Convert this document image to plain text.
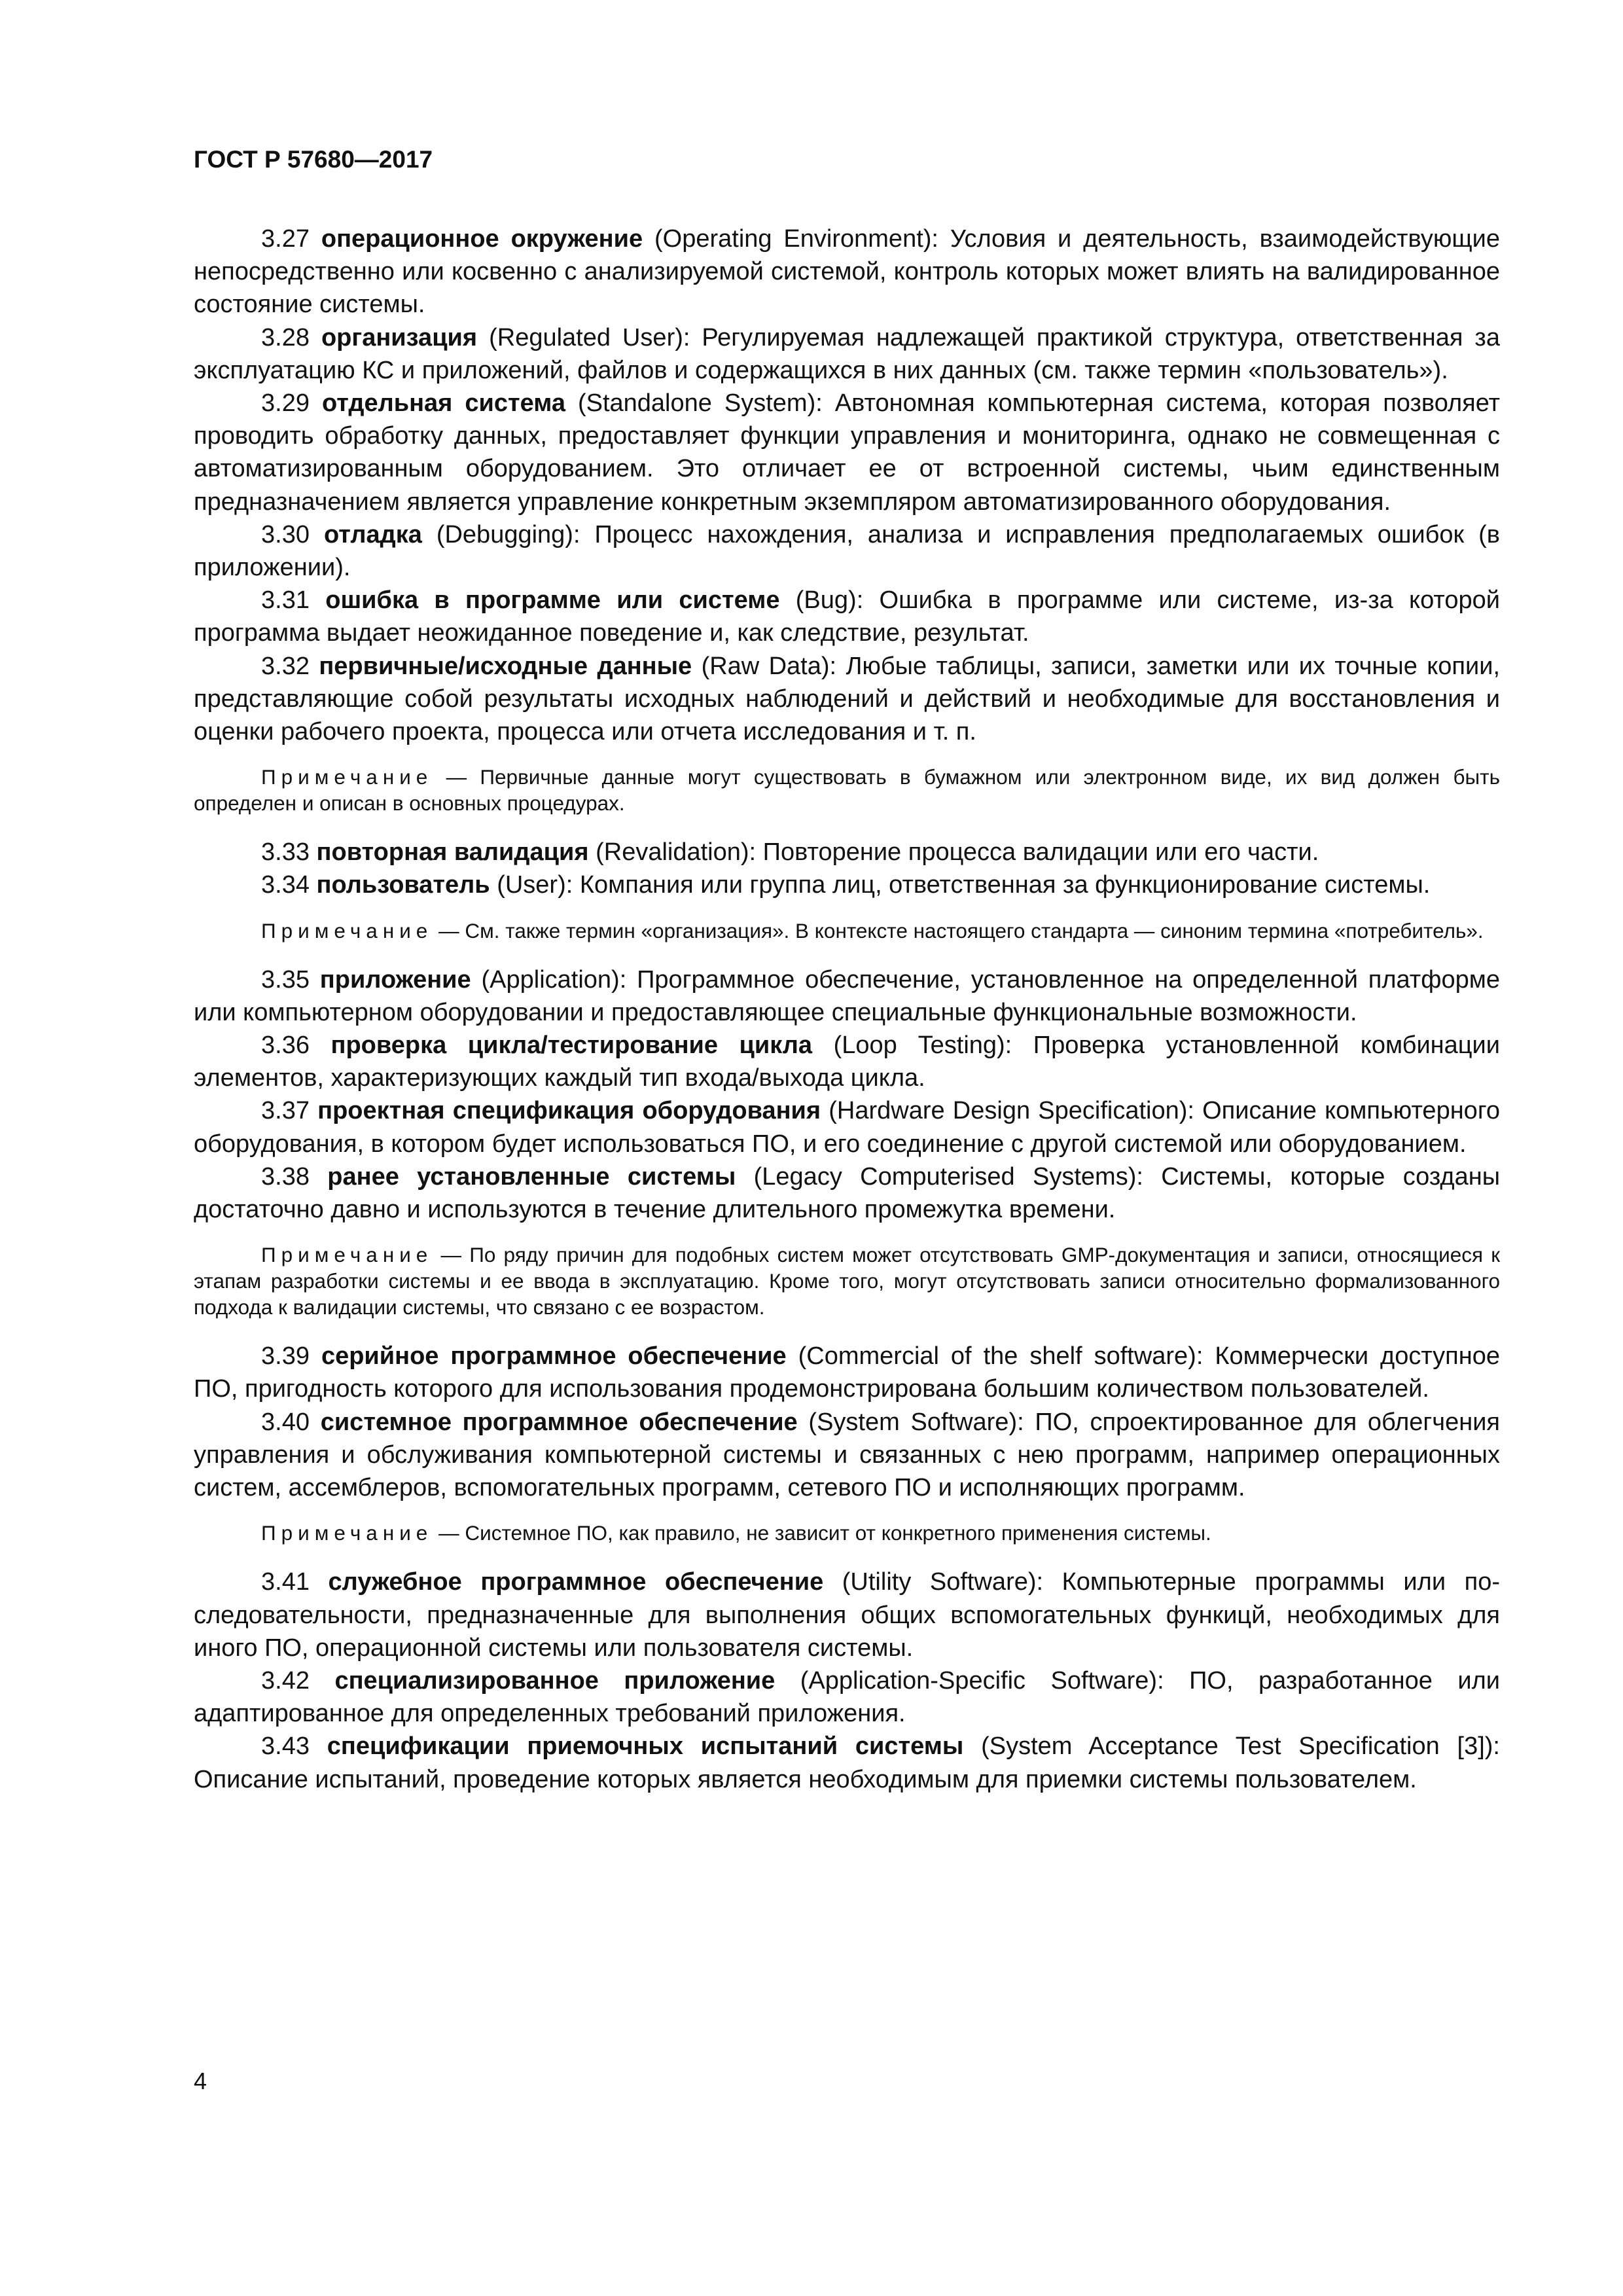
ГОСТ Р 57680—2017

3.27 операционное окружение (Operating Environment): Условия и деятельность, взаимодействующие непосредственно или косвенно с анализируемой системой, контроль которых может влиять на валидированное состояние системы.

3.28 организация (Regulated User): Регулируемая надлежащей практикой структура, ответственная за эксплуатацию КС и приложений, файлов и содержащихся в них данных (см. также термин «пользователь»).

3.29 отдельная система (Standalone System): Автономная компьютерная система, которая позволяет проводить обработку данных, предоставляет функции управления и мониторинга, однако не совмещенная с автоматизированным оборудованием. Это отличает ее от встроенной системы, чьим единственным предназначением является управление конкретным экземпляром автоматизированного оборудования.

3.30 отладка (Debugging): Процесс нахождения, анализа и исправления предполагаемых ошибок (в приложении).

3.31 ошибка в программе или системе (Bug): Ошибка в программе или системе, из-за которой программа выдает неожиданное поведение и, как следствие, результат.

3.32 первичные/исходные данные (Raw Data): Любые таблицы, записи, заметки или их точные копии, представляющие собой результаты исходных наблюдений и действий и необходимые для восстановления и оценки рабочего проекта, процесса или отчета исследования и т. п.

Примечание — Первичные данные могут существовать в бумажном или электронном виде, их вид должен быть определен и описан в основных процедурах.

3.33 повторная валидация (Revalidation): Повторение процесса валидации или его части.

3.34 пользователь (User): Компания или группа лиц, ответственная за функционирование системы.

Примечание — См. также термин «организация». В контексте настоящего стандарта — синоним термина «потребитель».

3.35 приложение (Application): Программное обеспечение, установленное на определенной платформе или компьютерном оборудовании и предоставляющее специальные функциональные возможности.

3.36 проверка цикла/тестирование цикла (Loop Testing): Проверка установленной комбинации элементов, характеризующих каждый тип входа/выхода цикла.

3.37 проектная спецификация оборудования (Hardware Design Specification): Описание компьютерного оборудования, в котором будет использоваться ПО, и его соединение с другой системой или оборудованием.

3.38 ранее установленные системы (Legacy Computerised Systems): Системы, которые созданы достаточно давно и используются в течение длительного промежутка времени.

Примечание — По ряду причин для подобных систем может отсутствовать GMP-документация и записи, относящиеся к этапам разработки системы и ее ввода в эксплуатацию. Кроме того, могут отсутствовать записи относительно формализованного подхода к валидации системы, что связано с ее возрастом.

3.39 серийное программное обеспечение (Commercial of the shelf software): Коммерчески доступное ПО, пригодность которого для использования продемонстрирована большим количеством пользователей.

3.40 системное программное обеспечение (System Software): ПО, спроектированное для облегчения управления и обслуживания компьютерной системы и связанных с нею программ, например операционных систем, ассемблеров, вспомогательных программ, сетевого ПО и исполняющих программ.

Примечание — Системное ПО, как правило, не зависит от конкретного применения системы.

3.41 служебное программное обеспечение (Utility Software): Компьютерные программы или последовательности, предназначенные для выполнения общих вспомогательных функицй, необходимых для иного ПО, операционной системы или пользователя системы.

3.42 специализированное приложение (Application-Specific Software): ПО, разработанное или адаптированное для определенных требований приложения.

3.43 спецификации приемочных испытаний системы (System Acceptance Test Specification [3]): Описание испытаний, проведение которых является необходимым для приемки системы пользователем.

4
